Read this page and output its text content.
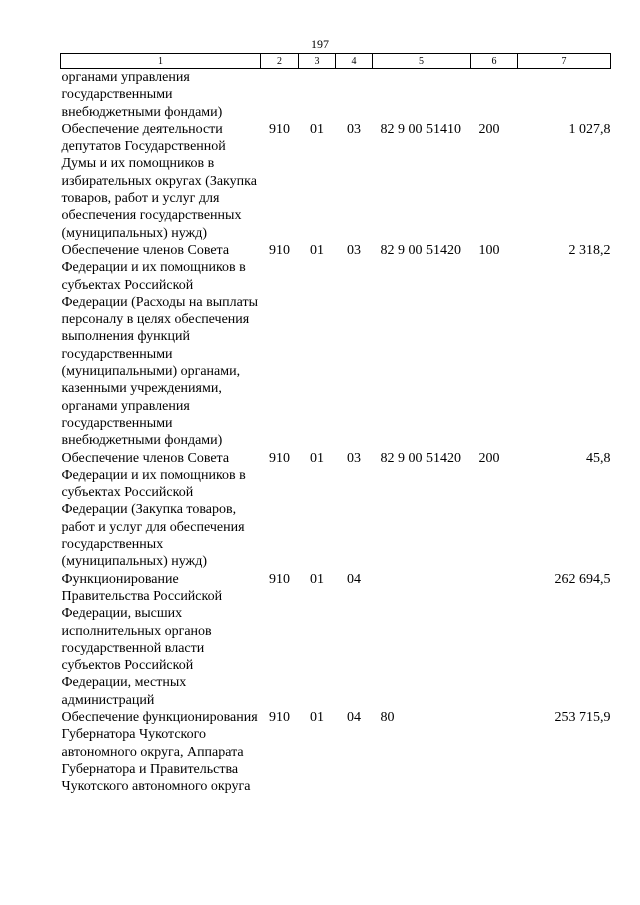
197
1	2	3	4	5	6	7
органами управления государственными внебюджетными фондами)						
Обеспечение деятельности депутатов Государственной Думы и их помощников в избирательных округах (Закупка товаров, работ и услуг для обеспечения государственных (муниципальных) нужд)	910	01	03	82 9 00 51410	200	1 027,8
Обеспечение членов Совета Федерации и их помощников в субъектах Российской Федерации (Расходы на выплаты персоналу в целях обеспечения выполнения функций государственными (муниципальными) органами, казенными учреждениями, органами управления государственными внебюджетными фондами)	910	01	03	82 9 00 51420	100	2 318,2
Обеспечение членов Совета Федерации и их помощников в субъектах Российской Федерации (Закупка товаров, работ и услуг для обеспечения государственных (муниципальных) нужд)	910	01	03	82 9 00 51420	200	45,8
Функционирование Правительства Российской Федерации, высших исполнительных органов государственной власти субъектов Российской Федерации, местных администраций	910	01	04			262 694,5
Обеспечение функционирования Губернатора Чукотского автономного округа, Аппарата Губернатора и Правительства Чукотского автономного округа	910	01	04	80		253 715,9
